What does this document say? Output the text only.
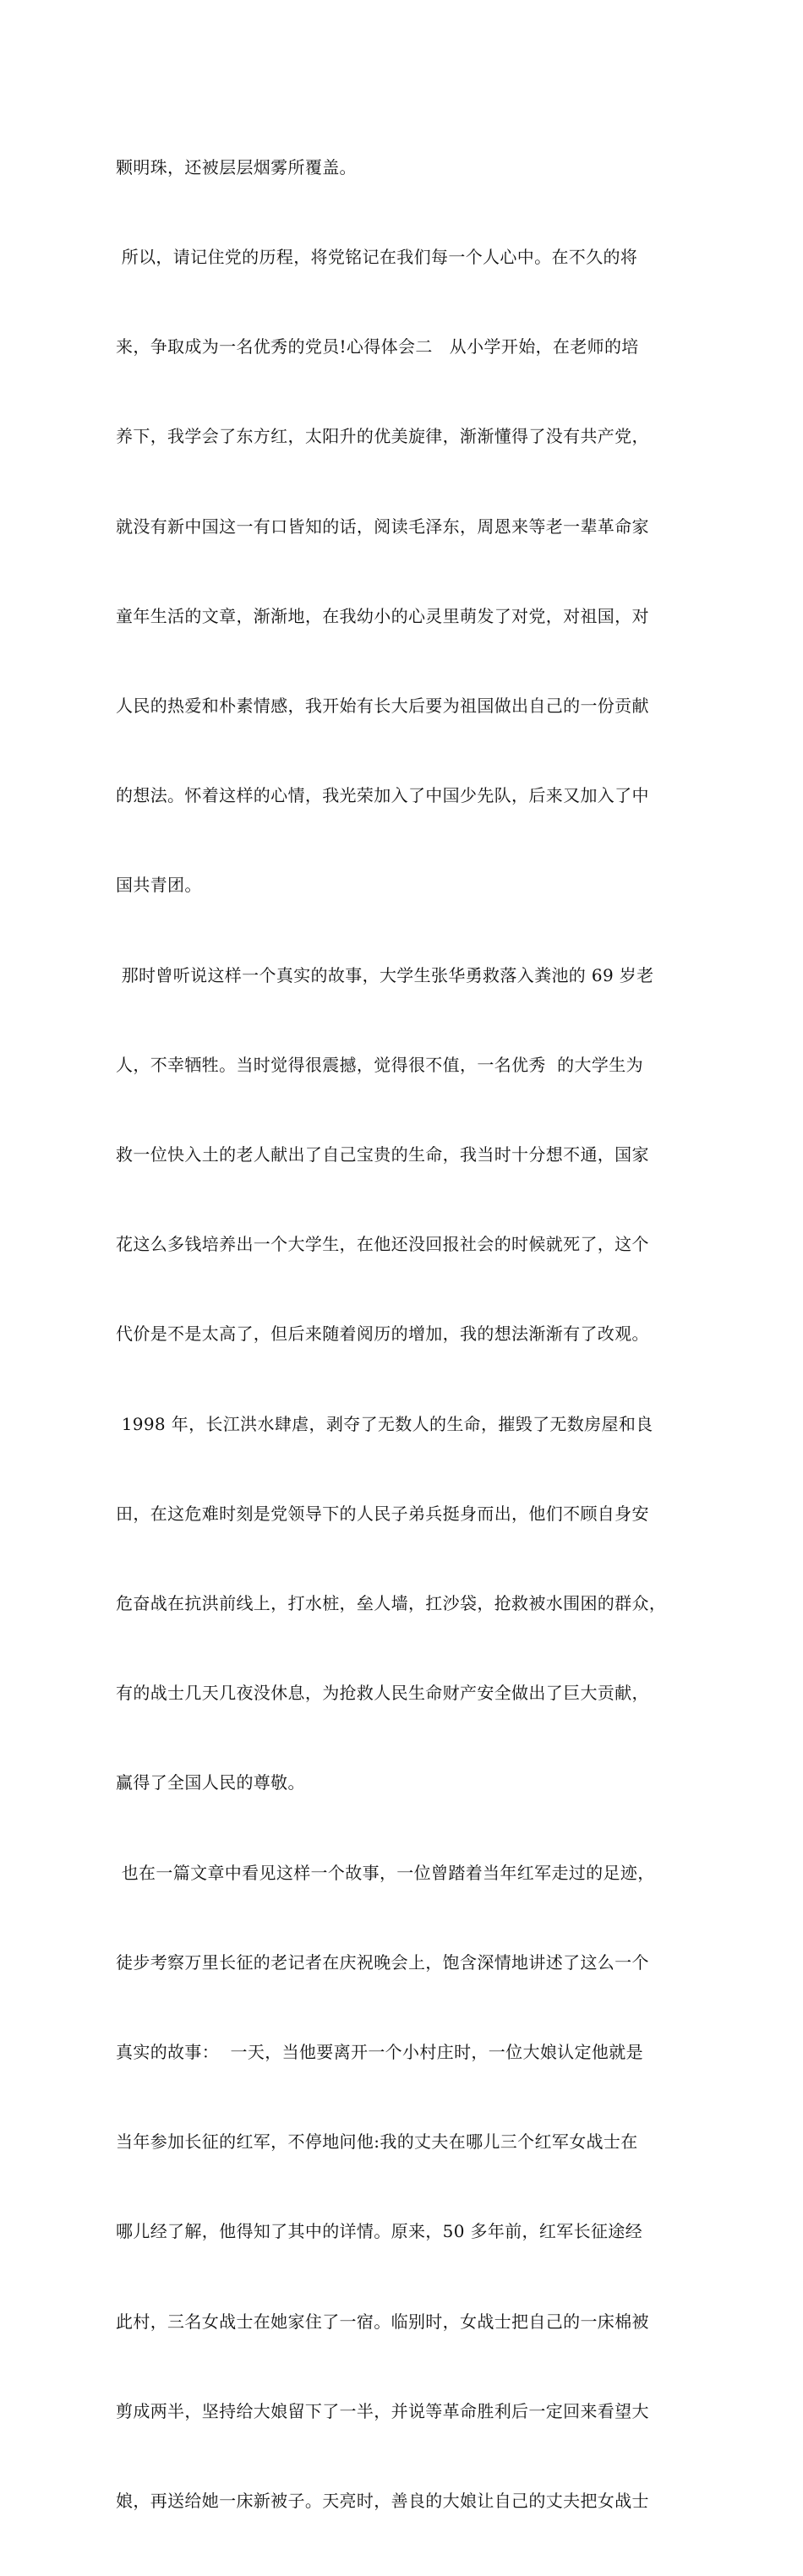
颗明珠，还被层层烟雾所覆盖。

所以，请记住党的历程，将党铭记在我们每一个人心中。在不久的将

来，争取成为一名优秀的党员!心得体会二   从小学开始，在老师的培

养下，我学会了东方红，太阳升的优美旋律，渐渐懂得了没有共产党，

就没有新中国这一有口皆知的话，阅读毛泽东，周恩来等老一辈革命家

童年生活的文章，渐渐地，在我幼小的心灵里萌发了对党，对祖国，对

人民的热爱和朴素情感，我开始有长大后要为祖国做出自己的一份贡献

的想法。怀着这样的心情，我光荣加入了中国少先队，后来又加入了中

国共青团。

那时曾听说这样一个真实的故事，大学生张华勇救落入粪池的 69 岁老

人，不幸牺牲。当时觉得很震撼，觉得很不值，一名优秀  的大学生为

救一位快入土的老人献出了自己宝贵的生命，我当时十分想不通，国家

花这么多钱培养出一个大学生，在他还没回报社会的时候就死了，这个

代价是不是太高了，但后来随着阅历的增加，我的想法渐渐有了改观。

1998 年，长江洪水肆虐，剥夺了无数人的生命，摧毁了无数房屋和良

田，在这危难时刻是党领导下的人民子弟兵挺身而出，他们不顾自身安

危奋战在抗洪前线上，打水桩，垒人墙，扛沙袋，抢救被水围困的群众，

有的战士几天几夜没休息，为抢救人民生命财产安全做出了巨大贡献，

赢得了全国人民的尊敬。

也在一篇文章中看见这样一个故事，一位曾踏着当年红军走过的足迹，

徒步考察万里长征的老记者在庆祝晚会上，饱含深情地讲述了这么一个

真实的故事：  一天，当他要离开一个小村庄时，一位大娘认定他就是

当年参加长征的红军，不停地问他:我的丈夫在哪儿三个红军女战士在

哪儿经了解，他得知了其中的详情。原来，50 多年前，红军长征途经

此村，三名女战士在她家住了一宿。临别时，女战士把自己的一床棉被

剪成两半，坚持给大娘留下了一半，并说等革命胜利后一定回来看望大

娘，再送给她一床新被子。天亮时，善良的大娘让自己的丈夫把女战士
